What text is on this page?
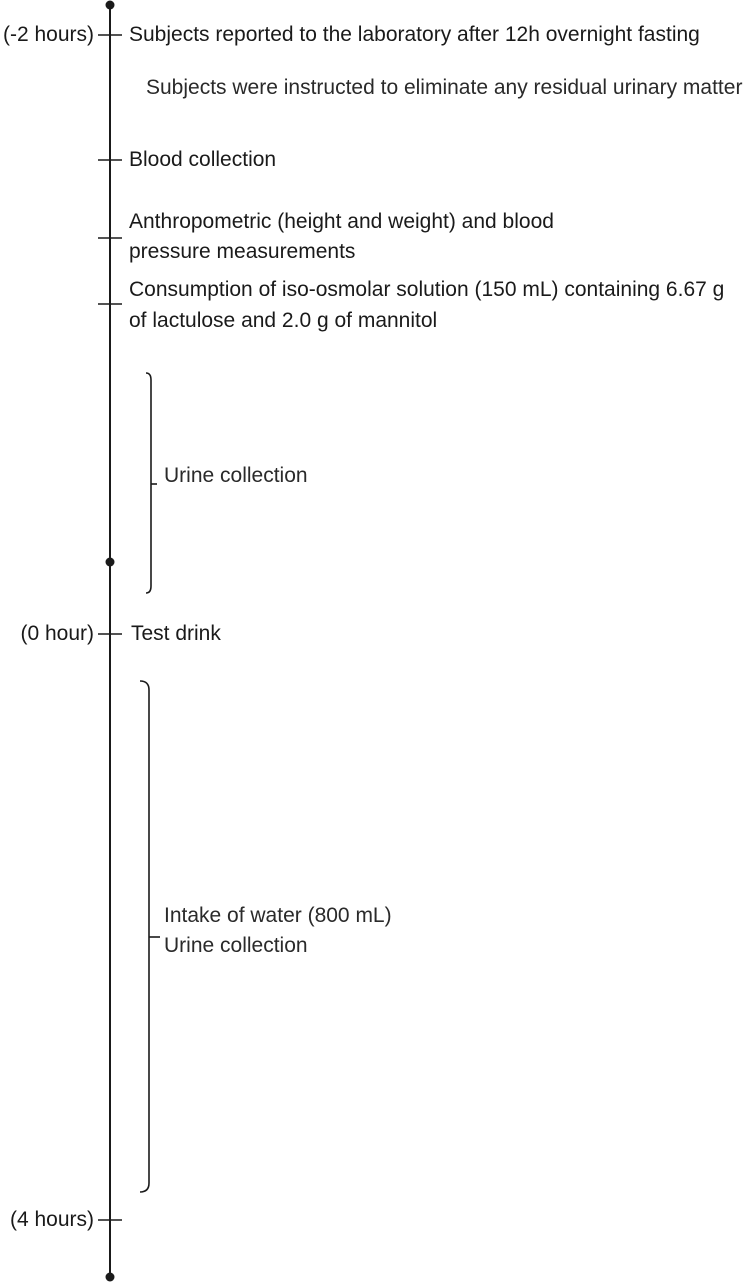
(-2 hours)
(0 hour)
(4 hours)
Subjects reported to the laboratory after 12h overnight fasting
Subjects were instructed to eliminate any residual urinary matter
Blood collection
Anthropometric (height and weight) and blood
pressure measurements
Consumption of iso-osmolar solution (150 mL) containing 6.67 g
of lactulose and 2.0 g of mannitol
Test drink
Urine collection
Intake of water (800 mL)
Urine collection
